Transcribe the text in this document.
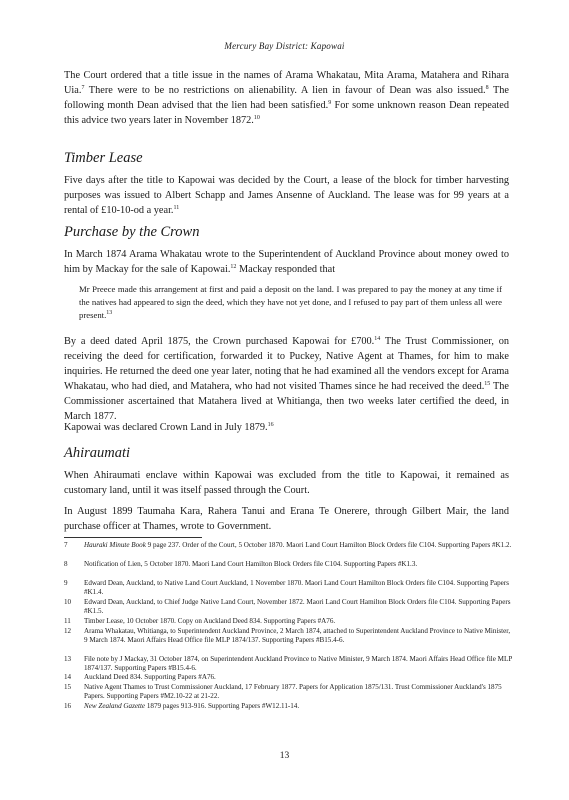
Mercury Bay District: Kapowai
The Court ordered that a title issue in the names of Arama Whakatau, Mita Arama, Matahera and Rihara Uia.$^7$ There were to be no restrictions on alienability. A lien in favour of Dean was also issued.$^8$ The following month Dean advised that the lien had been satisfied.$^9$ For some unknown reason Dean repeated this advice two years later in November 1872.10
Timber Lease
Five days after the title to Kapowai was decided by the Court, a lease of the block for timber harvesting purposes was issued to Albert Schapp and James Ansenne of Auckland. The lease was for 99 years at a rental of £10-10-od a year.$^{11}$
Purchase by the Crown
In March 1874 Arama Whakatau wrote to the Superintendent of Auckland Province about money owed to him by Mackay for the sale of Kapowai.$^{12}$ Mackay responded that
Mr Preece made this arrangement at first and paid a deposit on the land. I was prepared to pay the money at any time if the natives had appeared to sign the deed, which they have not yet done, and I refused to pay part of them unless all were present.$^{13}$
By a deed dated April 1875, the Crown purchased Kapowai for £700.14 The Trust Commissioner, on receiving the deed for certification, forwarded it to Puckey, Native Agent at Thames, for him to make inquiries. He returned the deed one year later, noting that he had examined all the vendors except for Arama Whakatau, who had died, and Matahera, who had not visited Thames since he had received the deed.$^{15}$ The Commissioner ascertained that Matahera lived at Whitianga, then two weeks later certified the deed, in March 1877.
Kapowai was declared Crown Land in July 1879.16
Ahiraumati
When Ahiraumati enclave within Kapowai was excluded from the title to Kapowai, it remained as customary land, until it was itself passed through the Court.
In August 1899 Taumaha Kara, Rahera Tanui and Erana Te Onerere, through Gilbert Mair, the land purchase officer at Thames, wrote to Government.
7 Hauraki Minute Book 9 page 237. Order of the Court, 5 October 1870. Maori Land Court Hamilton Block Orders file C104. Supporting Papers #K1.2.
8 Notification of Lien, 5 October 1870. Maori Land Court Hamilton Block Orders file C104. Supporting Papers #K1.3.
9 Edward Dean, Auckland, to Native Land Court Auckland, 1 November 1870. Maori Land Court Hamilton Block Orders file C104. Supporting Papers #K1.4.
10 Edward Dean, Auckland, to Chief Judge Native Land Court, November 1872. Maori Land Court Hamilton Block Orders file C104. Supporting Papers #K1.5.
11 Timber Lease, 10 October 1870. Copy on Auckland Deed 834. Supporting Papers #A76.
12 Arama Whakatau, Whitianga, to Superintendent Auckland Province, 2 March 1874, attached to Superintendent Auckland Province to Native Minister, 9 March 1874. Maori Affairs Head Office file MLP 1874/137. Supporting Papers #B15.4-6.
13 File note by J Mackay, 31 October 1874, on Superintendent Auckland Province to Native Minister, 9 March 1874. Maori Affairs Head Office file MLP 1874/137. Supporting Papers #B15.4-6.
14 Auckland Deed 834. Supporting Papers #A76.
15 Native Agent Thames to Trust Commissioner Auckland, 17 February 1877. Papers for Application 1875/131. Trust Commissioner Auckland's 1875 Papers. Supporting Papers #M2.10-22 at 21-22.
16 New Zealand Gazette 1879 pages 913-916. Supporting Papers #W12.11-14.
13
